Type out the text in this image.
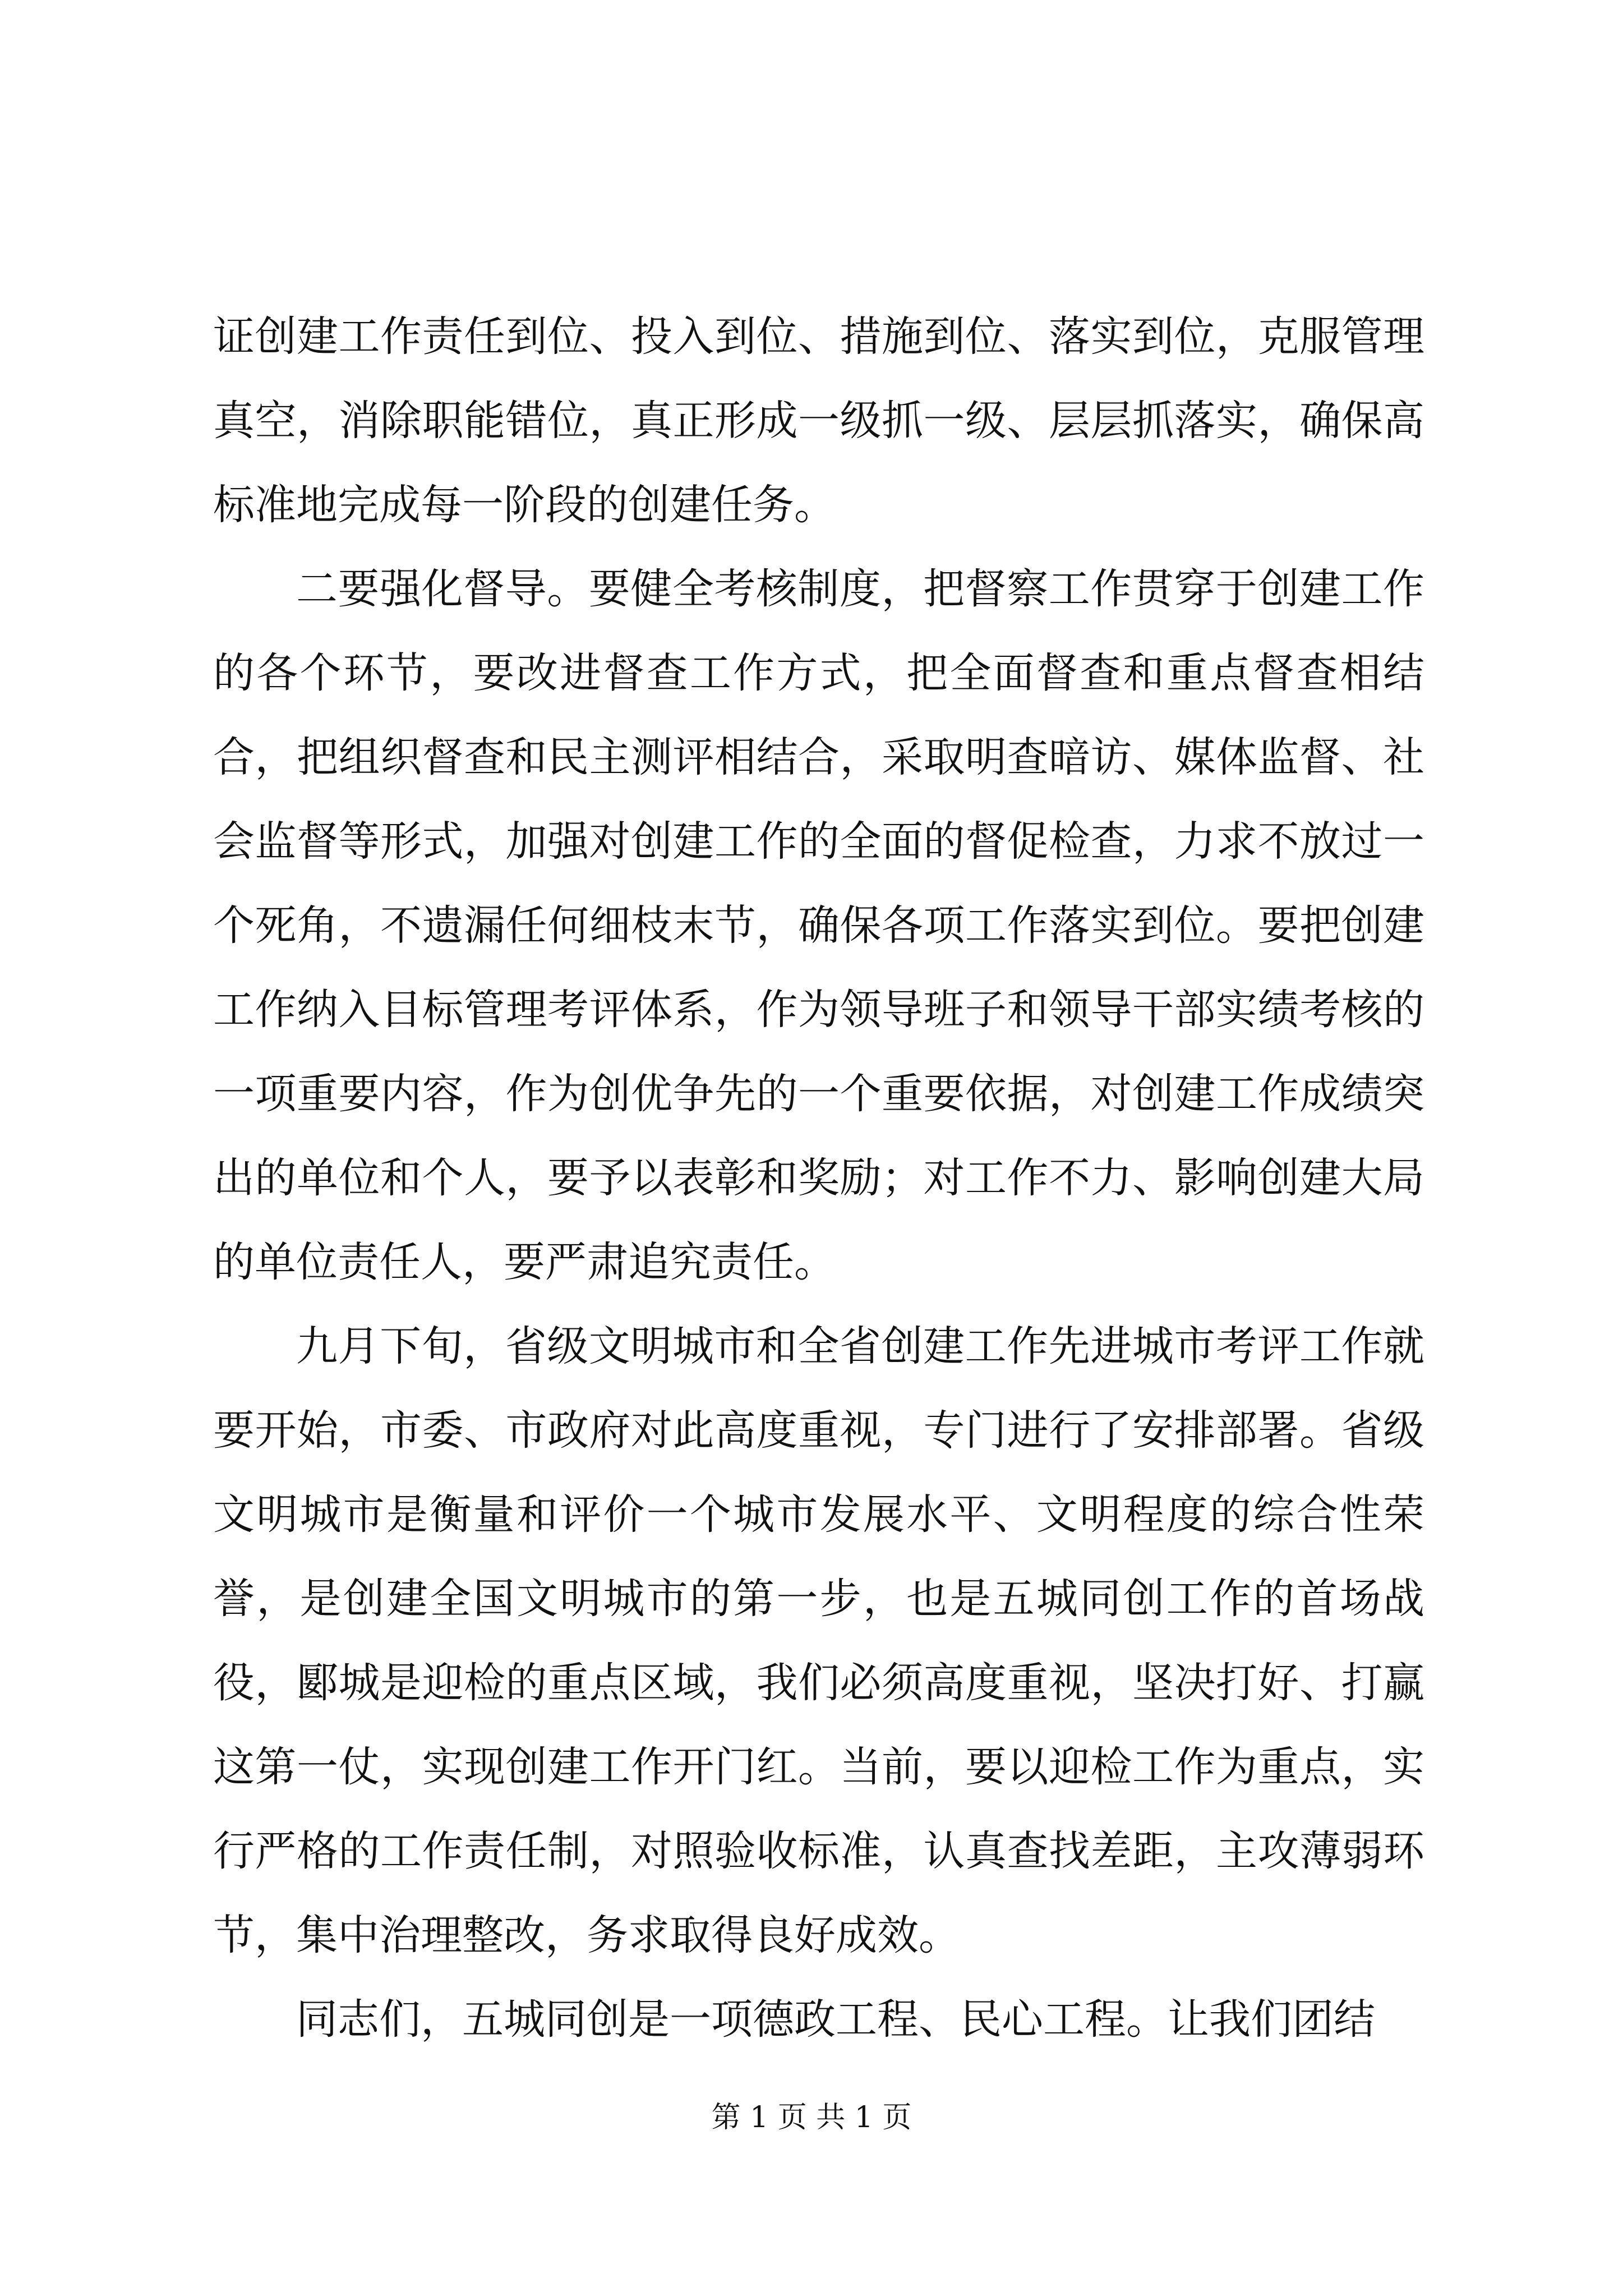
证创建工作责任到位、投入到位、措施到位、落实到位，克服管理真空，消除职能错位，真正形成一级抓一级、层层抓落实，确保高标准地完成每一阶段的创建任务。

二要强化督导。要健全考核制度，把督察工作贯穿于创建工作的各个环节，要改进督查工作方式，把全面督查和重点督查相结合，把组织督查和民主测评相结合，采取明查暗访、媒体监督、社会监督等形式，加强对创建工作的全面的督促检查，力求不放过一个死角，不遗漏任何细枝末节，确保各项工作落实到位。要把创建工作纳入目标管理考评体系，作为领导班子和领导干部实绩考核的一项重要内容，作为创优争先的一个重要依据，对创建工作成绩突出的单位和个人，要予以表彰和奖励；对工作不力、影响创建大局的单位责任人，要严肃追究责任。

九月下旬，省级文明城市和全省创建工作先进城市考评工作就要开始，市委、市政府对此高度重视，专门进行了安排部署。省级文明城市是衡量和评价一个城市发展水平、文明程度的综合性荣誉，是创建全国文明城市的第一步，也是五城同创工作的首场战役，郾城是迎检的重点区域，我们必须高度重视，坚决打好、打赢这第一仗，实现创建工作开门红。当前，要以迎检工作为重点，实行严格的工作责任制，对照验收标准，认真查找差距，主攻薄弱环节，集中治理整改，务求取得良好成效。

同志们，五城同创是一项德政工程、民心工程。让我们团结

第 1 页 共 1 页
